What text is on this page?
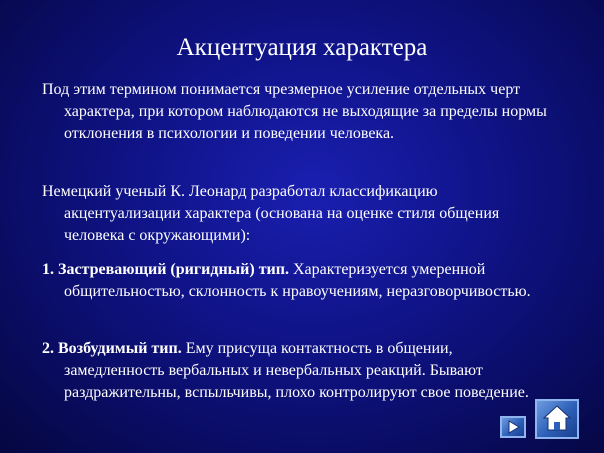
Акцентуация характера
Под этим термином понимается чрезмерное усиление отдельных черт характера, при котором наблюдаются не выходящие за пределы нормы отклонения в психологии и поведении человека.
Немецкий ученый К. Леонард разработал классификацию акцентуализации характера (основана на оценке стиля общения человека с окружающими):
1. Застревающий (ригидный) тип. Характеризуется умеренной общительностью, склонность к нравоучениям, неразговорчивостью.
2. Возбудимый тип. Ему присуща контактность в общении, замедленность вербальных и невербальных реакций. Бывают раздражительны, вспыльчивы, плохо контролируют свое поведение.
